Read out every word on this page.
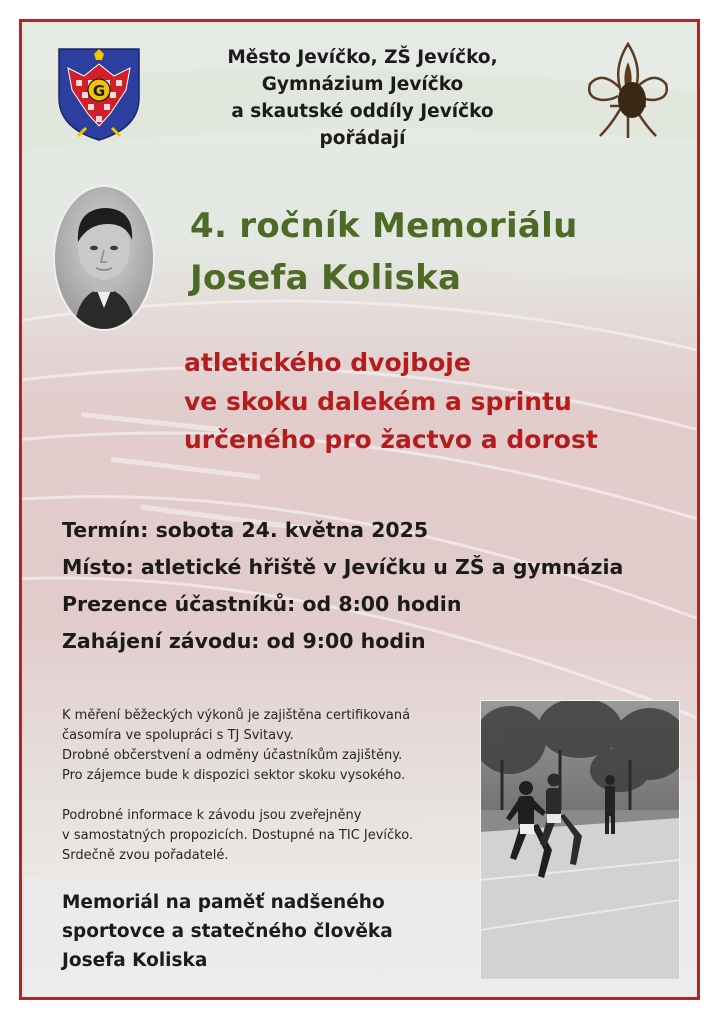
G
Město Jevíčko, ZŠ Jevíčko,
Gymnázium Jevíčko
a skautské oddíly Jevíčko
pořádají
4. ročník Memoriálu
Josefa Koliska
atletického dvojboje
ve skoku dalekém a sprintu
určeného pro žactvo a dorost
Termín: sobota 24. května 2025
Místo: atletické hřiště v Jevíčku u ZŠ a gymnázia
Prezence účastníků: od 8:00 hodin
Zahájení závodu: od 9:00 hodin
K měření běžeckých výkonů je zajištěna certifikovaná
časomíra ve spolupráci s TJ Svitavy.
Drobné občerstvení a odměny účastníkům zajištěny.
Pro zájemce bude k dispozici sektor skoku vysokého.
Podrobné informace k závodu jsou zveřejněny
v samostatných propozicích. Dostupné na TIC Jevíčko.
Srdečně zvou pořadatelé.
Memoriál na paměť nadšeného
sportovce a statečného člověka
Josefa Koliska
